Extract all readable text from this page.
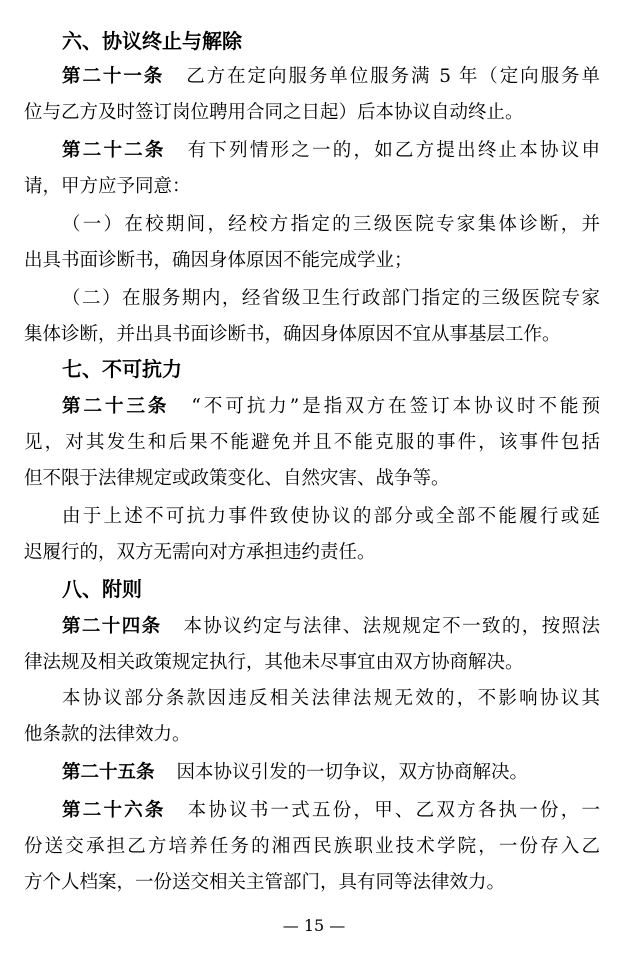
六、协议终止与解除
第二十一条 乙方在定向服务单位服务满 5 年（定向服务单
位与乙方及时签订岗位聘用合同之日起）后本协议自动终止。
第二十二条 有下列情形之一的，如乙方提出终止本协议申
请，甲方应予同意：
（一）在校期间，经校方指定的三级医院专家集体诊断，并
出具书面诊断书，确因身体原因不能完成学业；
（二）在服务期内，经省级卫生行政部门指定的三级医院专家
集体诊断，并出具书面诊断书，确因身体原因不宜从事基层工作。
七、不可抗力
第二十三条 “不可抗力”是指双方在签订本协议时不能预
见，对其发生和后果不能避免并且不能克服的事件，该事件包括
但不限于法律规定或政策变化、自然灾害、战争等。
由于上述不可抗力事件致使协议的部分或全部不能履行或延
迟履行的，双方无需向对方承担违约责任。
八、附则
第二十四条 本协议约定与法律、法规规定不一致的，按照法
律法规及相关政策规定执行，其他未尽事宜由双方协商解决。
本协议部分条款因违反相关法律法规无效的，不影响协议其
他条款的法律效力。
第二十五条 因本协议引发的一切争议，双方协商解决。
第二十六条 本协议书一式五份，甲、乙双方各执一份，一
份送交承担乙方培养任务的湘西民族职业技术学院，一份存入乙
方个人档案，一份送交相关主管部门，具有同等法律效力。
— 15 —
